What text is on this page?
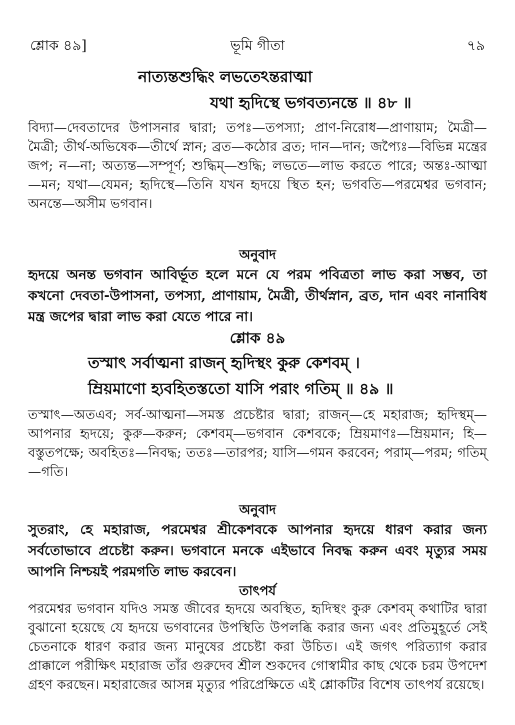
শ্লোক ৪৯]	ভূমি গীতা	৭৯
নাত্যন্তশুদ্ধিং লভতেঽন্তরাত্মা
যথা হৃদিস্থে ভগবত্যনন্তে ॥ ৪৮ ॥
বিদ্যা—দেবতাদের উপাসনার দ্বারা; তপঃ—তপস্যা; প্রাণ-নিরোধ—প্রাণায়াম; মৈত্রী—মৈত্রী; তীর্থ-অভিষেক—তীর্থে স্নান; ব্রত—কঠোর ব্রত; দান—দান; জপ্যৈঃ—বিভিন্ন মন্ত্রের জপ; ন—না; অত্যন্ত—সম্পূর্ণ; শুদ্ধিম্—শুদ্ধি; লভতে—লাভ করতে পারে; অন্তঃ-আত্মা—মন; যথা—যেমন; হৃদিস্থে—তিনি যখন হৃদয়ে স্থিত হন; ভগবতি—পরমেশ্বর ভগবান; অনন্তে—অসীম ভগবান।
অনুবাদ
হৃদয়ে অনন্ত ভগবান আবির্ভূত হলে মনে যে পরম পবিত্রতা লাভ করা সম্ভব, তা কখনো দেবতা-উপাসনা, তপস্যা, প্রাণায়াম, মৈত্রী, তীর্থস্নান, ব্রত, দান এবং নানাবিধ মন্ত্র জপের দ্বারা লাভ করা যেতে পারে না।
শ্লোক ৪৯
তস্মাৎ সর্বাত্মনা রাজন্ হৃদিস্থং কুরু কেশবম্ ।
ম্রিয়মাণো হ্যবহিতস্ততো যাসি পরাং গতিম্ ॥ ৪৯ ॥
তস্মাৎ—অতএব; সর্ব-আত্মনা—সমস্ত প্রচেষ্টার দ্বারা; রাজন্—হে মহারাজ; হৃদিস্থম্—আপনার হৃদয়ে; কুরু—করুন; কেশবম্—ভগবান কেশবকে; ম্রিয়মাণঃ—ম্রিয়মান; হি—বস্তুতপক্ষে; অবহিতঃ—নিবদ্ধ; ততঃ—তারপর; যাসি—গমন করবেন; পরাম্—পরম; গতিম্—গতি।
অনুবাদ
সুতরাং, হে মহারাজ, পরমেশ্বর শ্রীকেশবকে আপনার হৃদয়ে ধারণ করার জন্য সর্বতোভাবে প্রচেষ্টা করুন। ভগবানে মনকে এইভাবে নিবদ্ধ করুন এবং মৃত্যুর সময় আপনি নিশ্চয়ই পরমগতি লাভ করবেন।
তাৎপর্য
পরমেশ্বর ভগবান যদিও সমস্ত জীবের হৃদয়ে অবস্থিত, হৃদিস্থং কুরু কেশবম্ কথাটির দ্বারা বুঝানো হয়েছে যে হৃদয়ে ভগবানের উপস্থিতি উপলব্ধি করার জন্য এবং প্রতিমুহূর্তে সেই চেতনাকে ধারণ করার জন্য মানুষের প্রচেষ্টা করা উচিত। এই জগৎ পরিত্যাগ করার প্রাক্কালে পরীক্ষিৎ মহারাজ তাঁর গুরুদেব শ্রীল শুকদেব গোস্বামীর কাছ থেকে চরম উপদেশ গ্রহণ করছেন। মহারাজের আসন্ন মৃত্যুর পরিপ্রেক্ষিতে এই শ্লোকটির বিশেষ তাৎপর্য রয়েছে।
